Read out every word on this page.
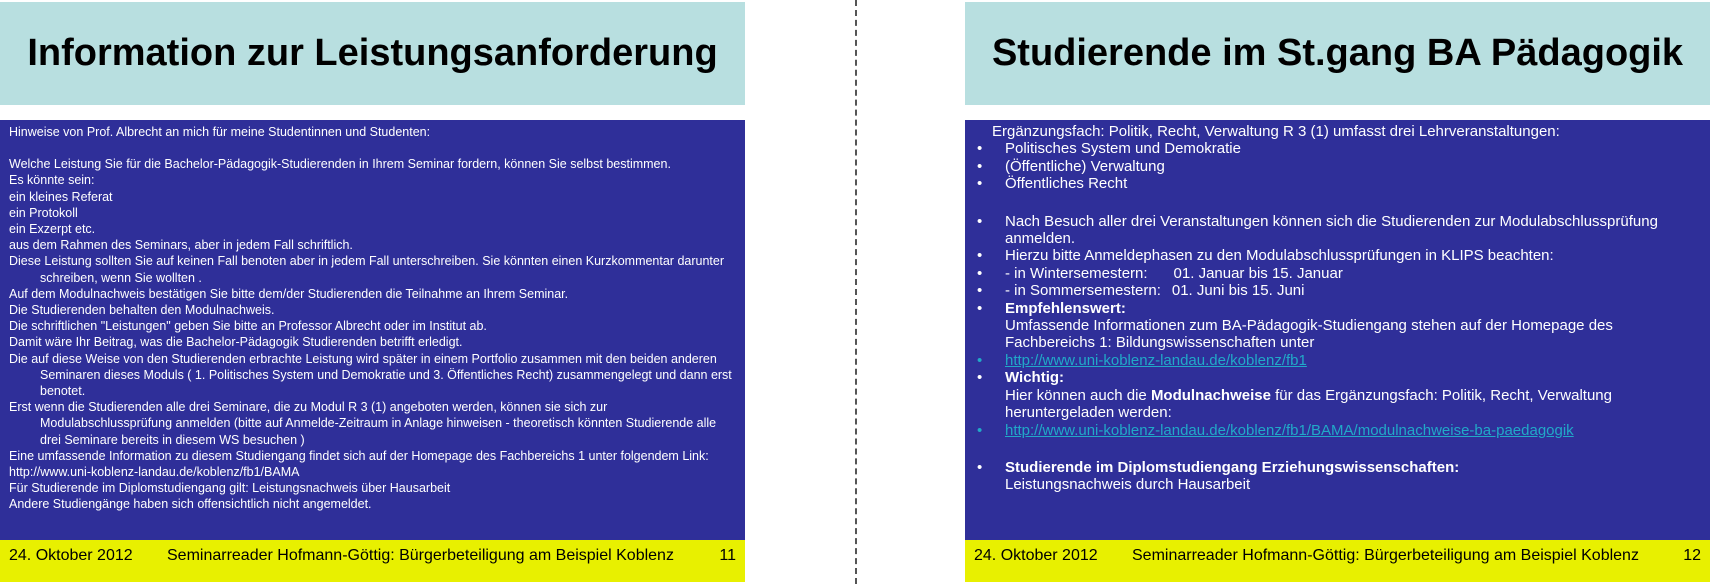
Information zur Leistungsanforderung

Hinweise von Prof. Albrecht an mich für meine Studentinnen und Studenten:

Welche Leistung Sie für die Bachelor-Pädagogik-Studierenden in Ihrem Seminar fordern, können Sie selbst bestimmen.

Es könnte sein:

ein kleines Referat

ein Protokoll

ein Exzerpt etc.

aus dem Rahmen des Seminars, aber in jedem Fall schriftlich.

Diese Leistung sollten Sie auf keinen Fall benoten aber in jedem Fall unterschreiben. Sie könnten einen Kurzkommentar darunter schreiben, wenn Sie wollten .

Auf dem Modulnachweis bestätigen Sie bitte dem/der Studierenden die Teilnahme an Ihrem Seminar.

Die Studierenden behalten den Modulnachweis.

Die schriftlichen "Leistungen" geben Sie bitte an Professor Albrecht oder im Institut ab.

Damit wäre Ihr Beitrag, was die Bachelor-Pädagogik Studierenden betrifft erledigt.

Die auf diese Weise von den Studierenden erbrachte Leistung wird später in einem Portfolio zusammen mit den beiden anderen Seminaren dieses Moduls ( 1. Politisches System und Demokratie und 3. Öffentliches Recht) zusammengelegt und dann erst benotet.

Erst wenn die Studierenden alle drei Seminare, die zu Modul R 3 (1) angeboten werden, können sie sich zur Modulabschlussprüfung anmelden (bitte auf Anmelde-Zeitraum in Anlage hinweisen - theoretisch könnten Studierende alle drei Seminare bereits in diesem WS besuchen )

Eine umfassende Information zu diesem Studiengang findet sich auf der Homepage des Fachbereichs 1 unter folgendem Link:

http://www.uni-koblenz-landau.de/koblenz/fb1/BAMA

Für Studierende im Diplomstudiengang gilt: Leistungsnachweis über Hausarbeit

Andere Studiengänge haben sich offensichtlich nicht angemeldet.

24. Oktober 2012 Seminarreader Hofmann-Göttig: Bürgerbeteiligung am Beispiel Koblenz	11
Studierende im St.gang BA Pädagogik
Ergänzungsfach: Politik, Recht, Verwaltung R 3 (1) umfasst drei Lehrveranstaltungen:
•	Politisches System und Demokratie
•	(Öffentliche) Verwaltung
•	Öffentliches Recht
•	Nach Besuch aller drei Veranstaltungen können sich die Studierenden zur Modulabschlussprüfung anmelden.
•	Hierzu bitte Anmeldephasen zu den Modulabschlussprüfungen in KLIPS beachten:
•	- in Wintersemestern: 01. Januar bis 15. Januar
•	- in Sommersemestern: 01. Juni bis 15. Juni
•	Empfehlenswert:
Umfassende Informationen zum BA-Pädagogik-Studiengang stehen auf der Homepage des Fachbereichs 1: Bildungswissenschaften unter
•	http://www.uni-koblenz-landau.de/koblenz/fb1
•	Wichtig:
Hier können auch die Modulnachweise für das Ergänzungsfach: Politik, Recht, Verwaltung heruntergeladen werden:
•	http://www.uni-koblenz-landau.de/koblenz/fb1/BAMA/modulnachweise-ba-paedagogik
•	Studierende im Diplomstudiengang Erziehungswissenschaften:
Leistungsnachweis durch Hausarbeit
24. Oktober 2012 Seminarreader Hofmann-Göttig: Bürgerbeteiligung am Beispiel Koblenz	12
